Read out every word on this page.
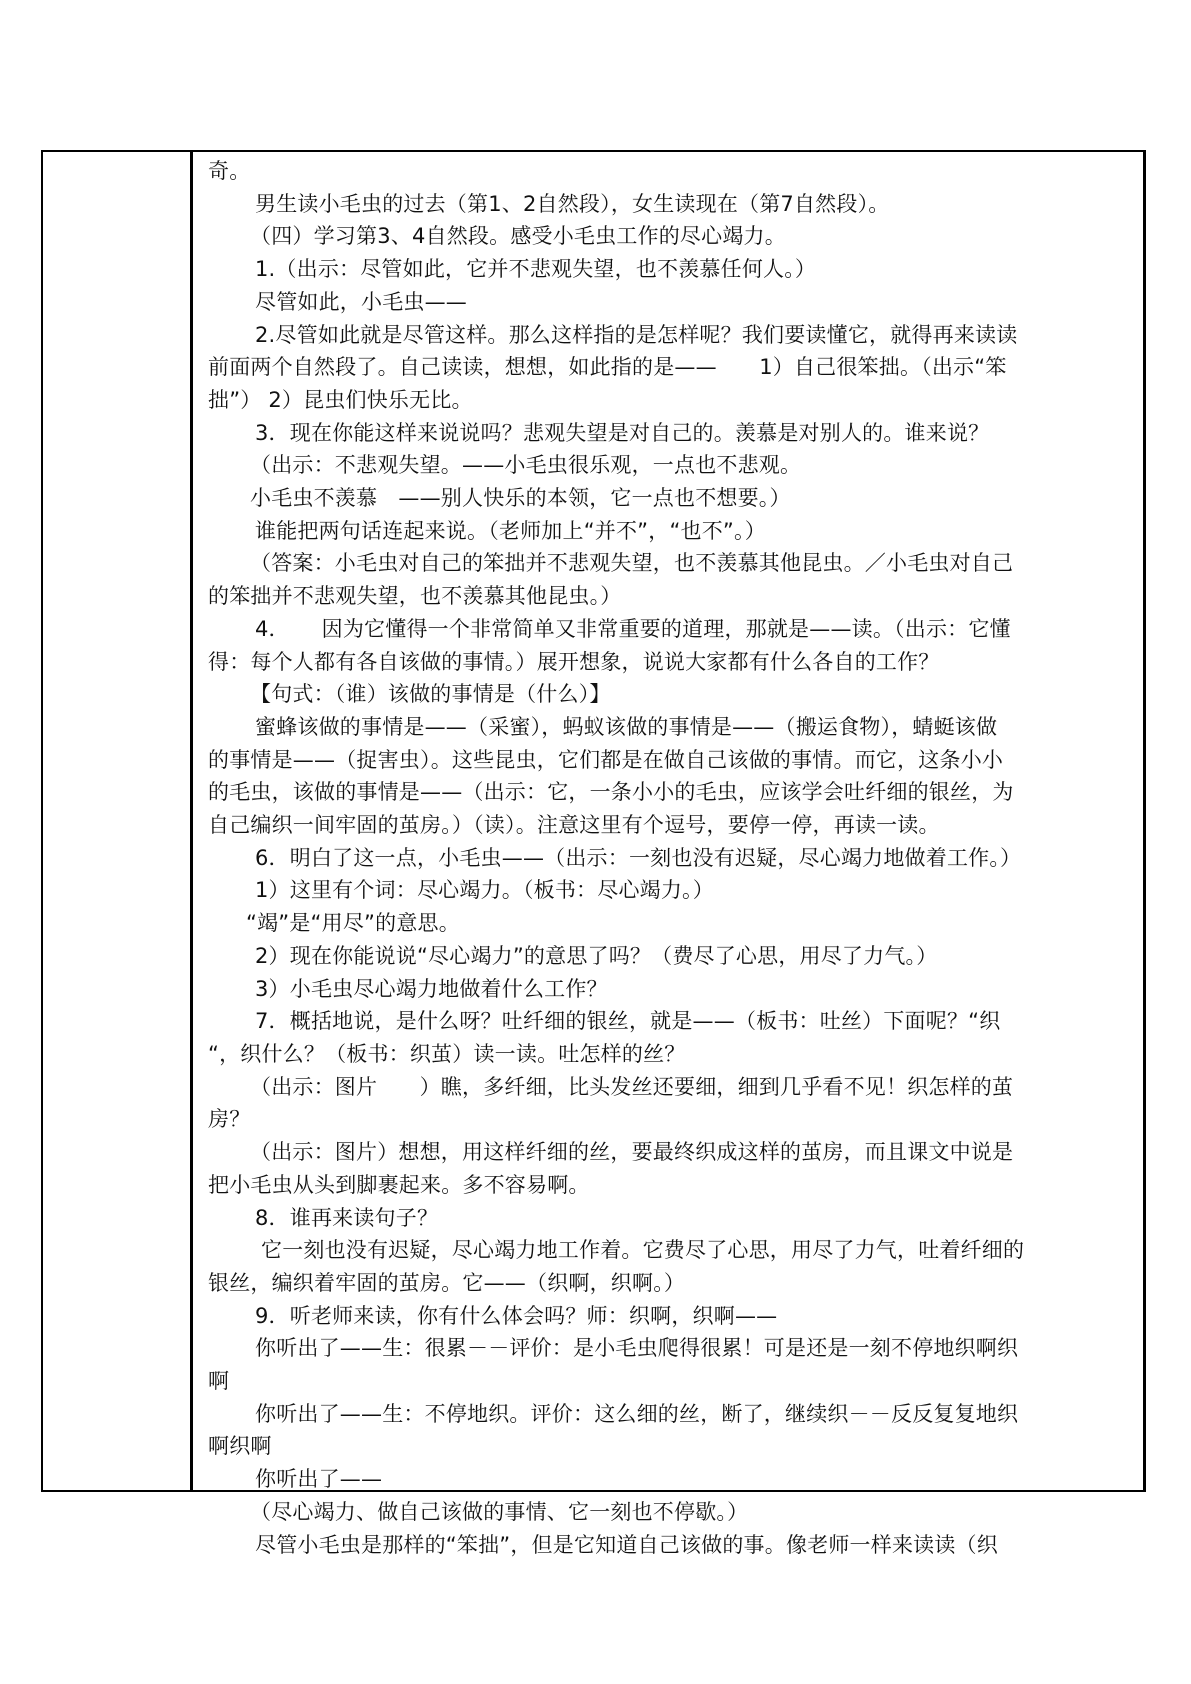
奇。
男生读小毛虫的过去（第1、2自然段），女生读现在（第7自然段）。
（四）学习第3、4自然段。感受小毛虫工作的尽心竭力。
1.（出示：尽管如此，它并不悲观失望，也不羡慕任何人。）
尽管如此，小毛虫——
2.尽管如此就是尽管这样。那么这样指的是怎样呢？我们要读懂它，就得再来读读
前面两个自然段了。自己读读，想想，如此指的是——　　1）自己很笨拙。（出示“笨
拙”） 2）昆虫们快乐无比。
3．现在你能这样来说说吗？悲观失望是对自己的。羡慕是对别人的。谁来说？
（出示：不悲观失望。——小毛虫很乐观，一点也不悲观。
小毛虫不羡慕　——别人快乐的本领，它一点也不想要。）
谁能把两句话连起来说。（老师加上“并不”，“也不”。）
（答案：小毛虫对自己的笨拙并不悲观失望，也不羡慕其他昆虫。／小毛虫对自己
的笨拙并不悲观失望，也不羡慕其他昆虫。）
4．　　因为它懂得一个非常简单又非常重要的道理，那就是——读。（出示：它懂
得：每个人都有各自该做的事情。）展开想象，说说大家都有什么各自的工作？
【句式：（谁）该做的事情是（什么）】
蜜蜂该做的事情是——（采蜜），蚂蚁该做的事情是——（搬运食物），蜻蜓该做
的事情是——（捉害虫）。这些昆虫，它们都是在做自己该做的事情。而它，这条小小
的毛虫，该做的事情是——（出示：它，一条小小的毛虫，应该学会吐纤细的银丝，为
自己编织一间牢固的茧房。）（读）。注意这里有个逗号，要停一停，再读一读。
6．明白了这一点，小毛虫——（出示：一刻也没有迟疑，尽心竭力地做着工作。）
1）这里有个词：尽心竭力。（板书：尽心竭力。）
“竭”是“用尽”的意思。
2）现在你能说说“尽心竭力”的意思了吗？（费尽了心思，用尽了力气。）
3）小毛虫尽心竭力地做着什么工作？
7．概括地说，是什么呀？吐纤细的银丝，就是——（板书：吐丝）下面呢？“织
“，织什么？（板书：织茧）读一读。吐怎样的丝？
（出示：图片　　）瞧，多纤细，比头发丝还要细，细到几乎看不见！织怎样的茧
房？
（出示：图片）想想，用这样纤细的丝，要最终织成这样的茧房，而且课文中说是
把小毛虫从头到脚裹起来。多不容易啊。
8．谁再来读句子？
它一刻也没有迟疑，尽心竭力地工作着。它费尽了心思，用尽了力气，吐着纤细的
银丝，编织着牢固的茧房。它——（织啊，织啊。）
9．听老师来读，你有什么体会吗？师：织啊，织啊——
你听出了——生：很累－－评价：是小毛虫爬得很累！可是还是一刻不停地织啊织
啊
你听出了——生：不停地织。评价：这么细的丝，断了，继续织－－反反复复地织
啊织啊
你听出了——
（尽心竭力、做自己该做的事情、它一刻也不停歇。）
尽管小毛虫是那样的“笨拙”，但是它知道自己该做的事。像老师一样来读读（织
